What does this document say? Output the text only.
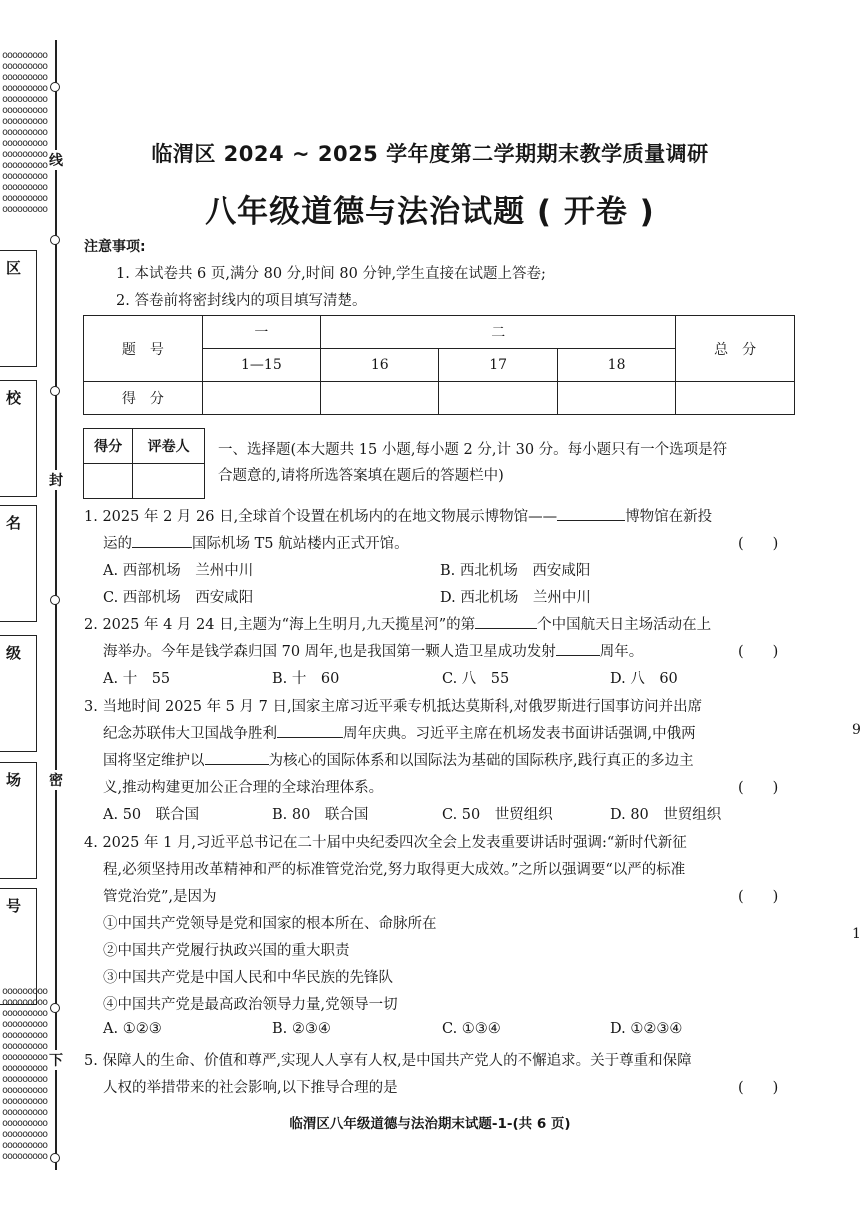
ooooooooo
ooooooooo
ooooooooo
ooooooooo
ooooooooo
ooooooooo
ooooooooo
ooooooooo
ooooooooo
ooooooooo
ooooooooo
ooooooooo
ooooooooo
ooooooooo
ooooooooo
ooooooooo
ooooooooo
ooooooooo
ooooooooo
ooooooooo
ooooooooo
ooooooooo
ooooooooo
ooooooooo
ooooooooo
ooooooooo
ooooooooo
ooooooooo
ooooooooo
ooooooooo
ooooooooo
线
封
密
下
区
校
名
级
场
号
临渭区 2024 ~ 2025 学年度第二学期期末教学质量调研
八年级道德与法治试题 ( 开卷 )
注意事项:
1. 本试卷共 6 页,满分 80 分,时间 80 分钟,学生直接在试题上答卷;
2. 答卷前将密封线内的项目填写清楚。
题　号	一	二			总　分
	1—15	16	17	18	
得　分					
得分	评卷人
	一、选择题(本大题共 15 小题,每小题 2 分,计 30 分。每小题只有一个选项是符
合题意的,请将所选答案填在题后的答题栏中)
1. 2025 年 2 月 26 日,全球首个设置在机场内的在地文物展示博物馆——	博物馆在新投
运的	国际机场 T5 航站楼内正式开馆。	(　　)
A. 西部机场　兰州中川	B. 西北机场　西安咸阳
C. 西部机场　西安咸阳	D. 西北机场　兰州中川
2. 2025 年 4 月 24 日,主题为“海上生明月,九天揽星河”的第	个中国航天日主场活动在上
海举办。今年是钱学森归国 70 周年,也是我国第一颗人造卫星成功发射	周年。	(　　)
A. 十　55	B. 十　60	C. 八　55	D. 八　60
3. 当地时间 2025 年 5 月 7 日,国家主席习近平乘专机抵达莫斯科,对俄罗斯进行国事访问并出席
纪念苏联伟大卫国战争胜利	周年庆典。习近平主席在机场发表书面讲话强调,中俄两
国将坚定维护以	为核心的国际体系和以国际法为基础的国际秩序,践行真正的多边主
义,推动构建更加公正合理的全球治理体系。	(　　)
A. 50　联合国	B. 80　联合国	C. 50　世贸组织	D. 80　世贸组织
4. 2025 年 1 月,习近平总书记在二十届中央纪委四次全会上发表重要讲话时强调:“新时代新征
程,必须坚持用改革精神和严的标准管党治党,努力取得更大成效。”之所以强调要“以严的标准
管党治党”,是因为	(　　)
①中国共产党领导是党和国家的根本所在、命脉所在
②中国共产党履行执政兴国的重大职责
③中国共产党是中国人民和中华民族的先锋队
④中国共产党是最高政治领导力量,党领导一切
A. ①②③	B. ②③④	C. ①③④	D. ①②③④
5. 保障人的生命、价值和尊严,实现人人享有人权,是中国共产党人的不懈追求。关于尊重和保障
人权的举措带来的社会影响,以下推导合理的是	(　　)
临渭区八年级道德与法治期末试题-1-(共 6 页)
9
1
